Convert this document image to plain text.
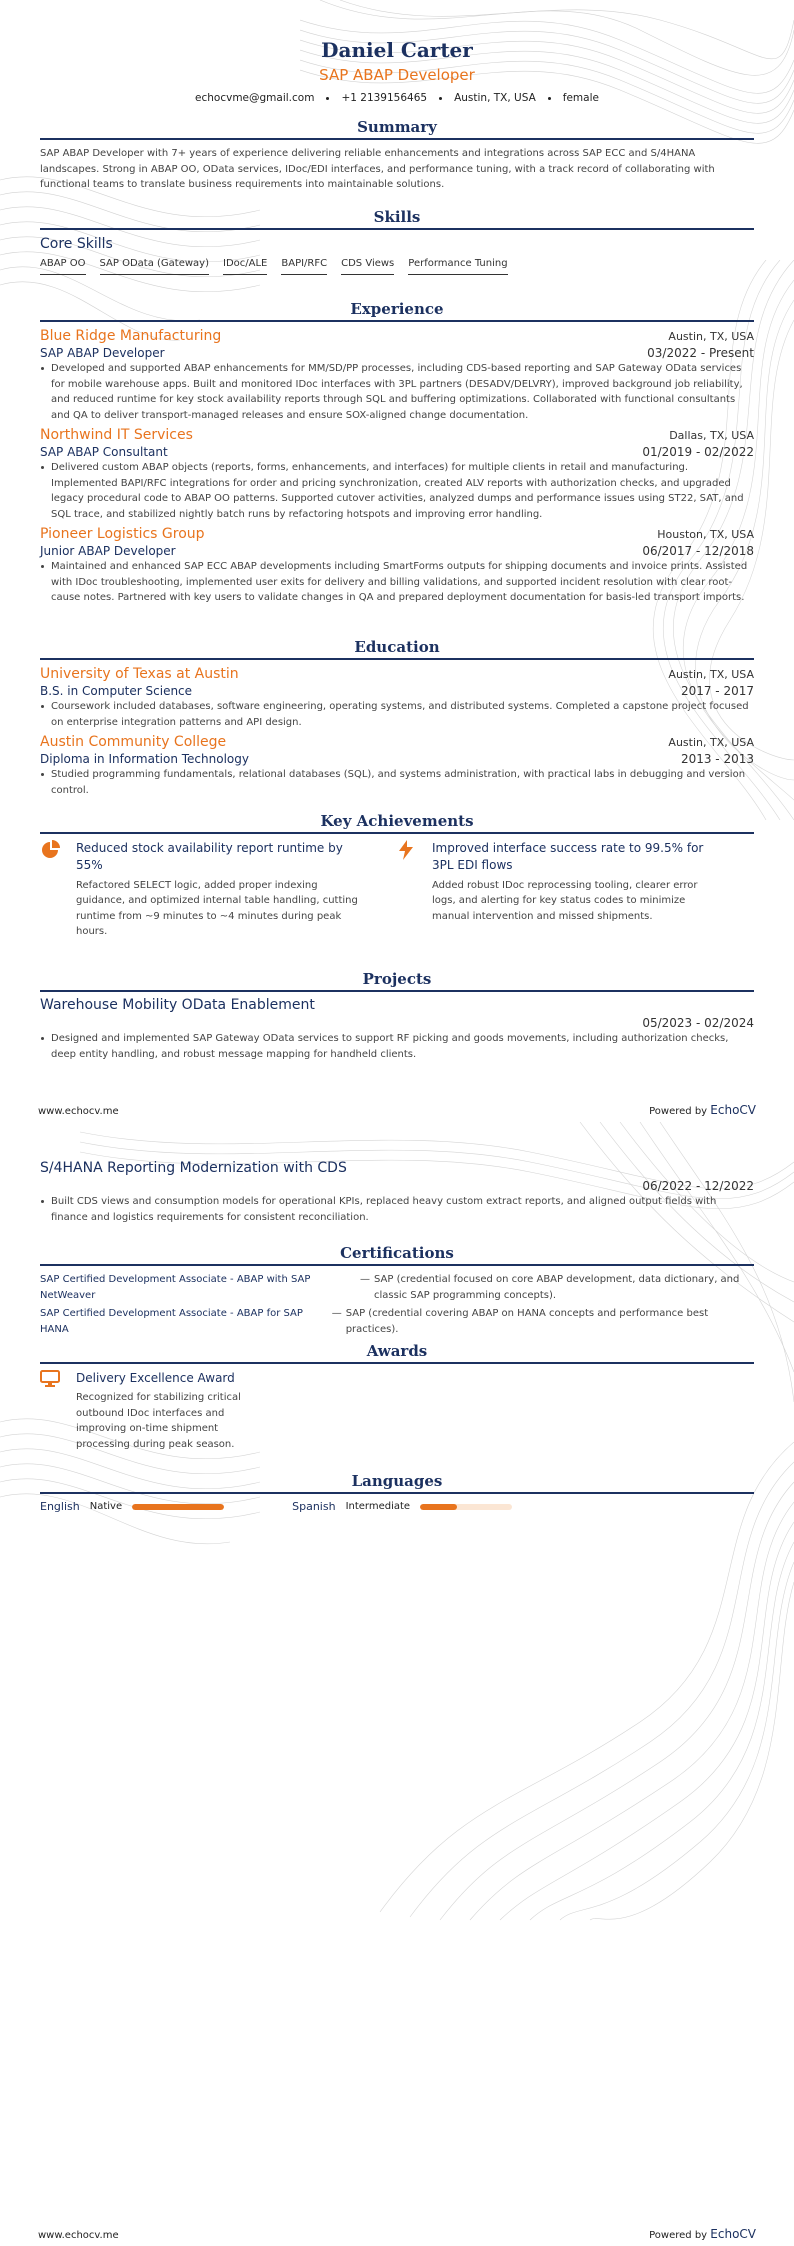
Daniel Carter
SAP ABAP Developer
echocvme@gmail.com	+1 2139156465	Austin, TX, USA	female
Summary
SAP ABAP Developer with 7+ years of experience delivering reliable enhancements and integrations across SAP ECC and S/4HANA landscapes. Strong in ABAP OO, OData services, IDoc/EDI interfaces, and performance tuning, with a track record of collaborating with functional teams to translate business requirements into maintainable solutions.
Skills
Core Skills
ABAP OO SAP OData (Gateway) IDoc/ALE BAPI/RFC CDS Views Performance Tuning
Experience
Blue Ridge Manufacturing	Austin, TX, USA
SAP ABAP Developer	03/2022 - Present
Developed and supported ABAP enhancements for MM/SD/PP processes, including CDS-based reporting and SAP Gateway OData services for mobile warehouse apps. Built and monitored IDoc interfaces with 3PL partners (DESADV/DELVRY), improved background job reliability, and reduced runtime for key stock availability reports through SQL and buffering optimizations. Collaborated with functional consultants and QA to deliver transport-managed releases and ensure SOX-aligned change documentation.
Northwind IT Services	Dallas, TX, USA
SAP ABAP Consultant	01/2019 - 02/2022
Delivered custom ABAP objects (reports, forms, enhancements, and interfaces) for multiple clients in retail and manufacturing. Implemented BAPI/RFC integrations for order and pricing synchronization, created ALV reports with authorization checks, and upgraded legacy procedural code to ABAP OO patterns. Supported cutover activities, analyzed dumps and performance issues using ST22, SAT, and SQL trace, and stabilized nightly batch runs by refactoring hotspots and improving error handling.
Pioneer Logistics Group	Houston, TX, USA
Junior ABAP Developer	06/2017 - 12/2018
Maintained and enhanced SAP ECC ABAP developments including SmartForms outputs for shipping documents and invoice prints. Assisted with IDoc troubleshooting, implemented user exits for delivery and billing validations, and supported incident resolution with clear root-cause notes. Partnered with key users to validate changes in QA and prepared deployment documentation for basis-led transport imports.
Education
University of Texas at Austin	Austin, TX, USA
B.S. in Computer Science	2017 - 2017
Coursework included databases, software engineering, operating systems, and distributed systems. Completed a capstone project focused on enterprise integration patterns and API design.
Austin Community College	Austin, TX, USA
Diploma in Information Technology	2013 - 2013
Studied programming fundamentals, relational databases (SQL), and systems administration, with practical labs in debugging and version control.
Key Achievements
Reduced stock availability report runtime by 55%
Refactored SELECT logic, added proper indexing guidance, and optimized internal table handling, cutting runtime from ~9 minutes to ~4 minutes during peak hours.
Improved interface success rate to 99.5% for 3PL EDI flows
Added robust IDoc reprocessing tooling, clearer error logs, and alerting for key status codes to minimize manual intervention and missed shipments.
Projects
Warehouse Mobility OData Enablement
05/2023 - 02/2024
Designed and implemented SAP Gateway OData services to support RF picking and goods movements, including authorization checks, deep entity handling, and robust message mapping for handheld clients.
www.echocv.me	Powered by EchoCV
S/4HANA Reporting Modernization with CDS
06/2022 - 12/2022
Built CDS views and consumption models for operational KPIs, replaced heavy custom extract reports, and aligned output fields with finance and logistics requirements for consistent reconciliation.
Certifications
SAP Certified Development Associate - ABAP with SAP NetWeaver
— SAP (credential focused on core ABAP development, data dictionary, and classic SAP programming concepts).
SAP Certified Development Associate - ABAP for SAP HANA
— SAP (credential covering ABAP on HANA concepts and performance best practices).
Awards
Delivery Excellence Award
Recognized for stabilizing critical outbound IDoc interfaces and improving on-time shipment processing during peak season.
Languages
English Native	Spanish Intermediate
www.echocv.me	Powered by EchoCV
